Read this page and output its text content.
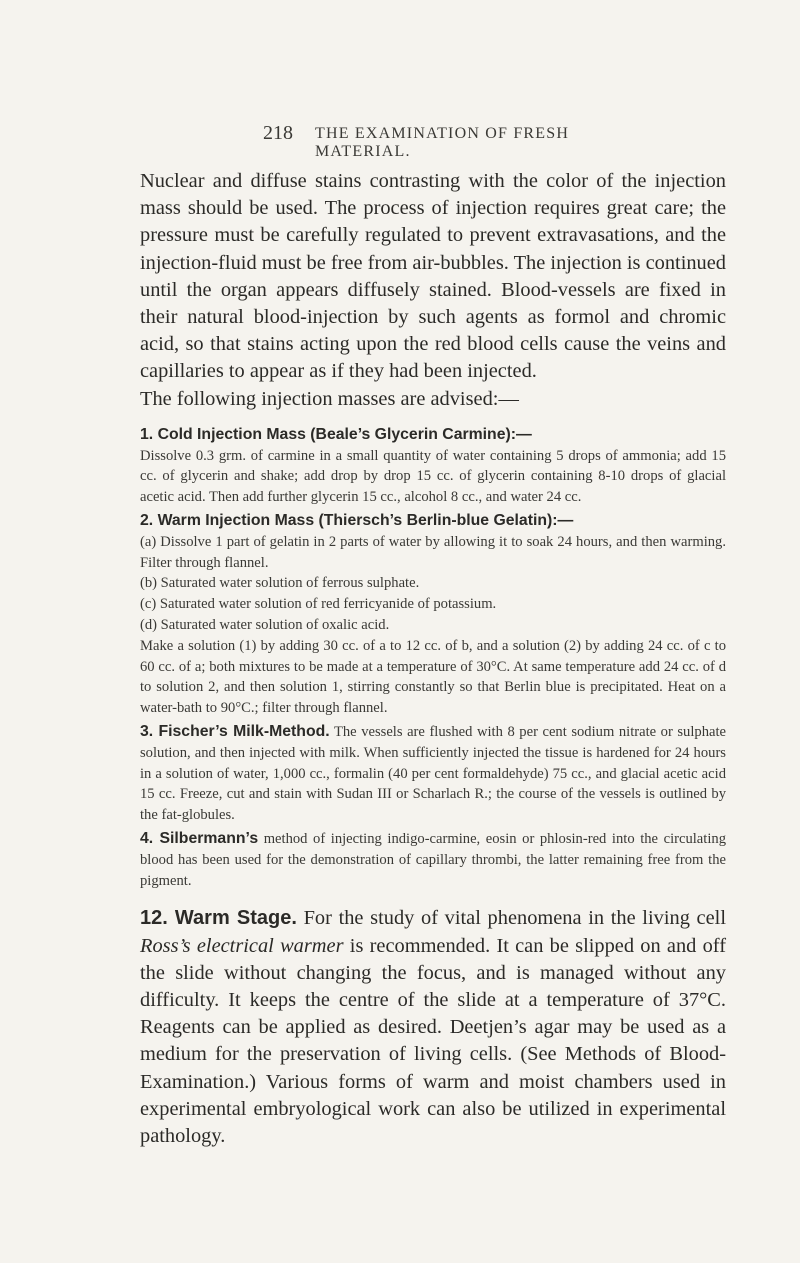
218 THE EXAMINATION OF FRESH MATERIAL.

Nuclear and diffuse stains contrasting with the color of the injection mass should be used. The process of injection requires great care; the pressure must be carefully regulated to prevent extravasations, and the injection-fluid must be free from air-bubbles. The injection is continued until the organ appears diffusely stained. Blood-vessels are fixed in their natural blood-injection by such agents as formol and chromic acid, so that stains acting upon the red blood cells cause the veins and capillaries to appear as if they had been injected.

The following injection masses are advised:—

1. Cold Injection Mass (Beale’s Glycerin Carmine):—

Dissolve 0.3 grm. of carmine in a small quantity of water containing 5 drops of ammonia; add 15 cc. of glycerin and shake; add drop by drop 15 cc. of glycerin containing 8-10 drops of glacial acetic acid. Then add further glycerin 15 cc., alcohol 8 cc., and water 24 cc.

2. Warm Injection Mass (Thiersch’s Berlin-blue Gelatin):—

(a) Dissolve 1 part of gelatin in 2 parts of water by allowing it to soak 24 hours, and then warming. Filter through flannel.

(b) Saturated water solution of ferrous sulphate.

(c) Saturated water solution of red ferricyanide of potassium.

(d) Saturated water solution of oxalic acid.

Make a solution (1) by adding 30 cc. of a to 12 cc. of b, and a solution (2) by adding 24 cc. of c to 60 cc. of a; both mixtures to be made at a temperature of 30°C. At same temperature add 24 cc. of d to solution 2, and then solution 1, stirring constantly so that Berlin blue is precipitated. Heat on a water-bath to 90°C.; filter through flannel.

3. Fischer’s Milk-Method. The vessels are flushed with 8 per cent sodium nitrate or sulphate solution, and then injected with milk. When sufficiently injected the tissue is hardened for 24 hours in a solution of water, 1,000 cc., formalin (40 per cent formaldehyde) 75 cc., and glacial acetic acid 15 cc. Freeze, cut and stain with Sudan III or Scharlach R.; the course of the vessels is outlined by the fat-globules.

4. Silbermann’s method of injecting indigo-carmine, eosin or phlosin-red into the circulating blood has been used for the demonstration of capillary thrombi, the latter remaining free from the pigment.

12. Warm Stage. For the study of vital phenomena in the living cell Ross’s electrical warmer is recommended. It can be slipped on and off the slide without changing the focus, and is managed without any difficulty. It keeps the centre of the slide at a temperature of 37°C. Reagents can be applied as desired. Deetjen’s agar may be used as a medium for the preservation of living cells. (See Methods of Blood-Examination.) Various forms of warm and moist chambers used in experimental embryological work can also be utilized in experimental pathology.
